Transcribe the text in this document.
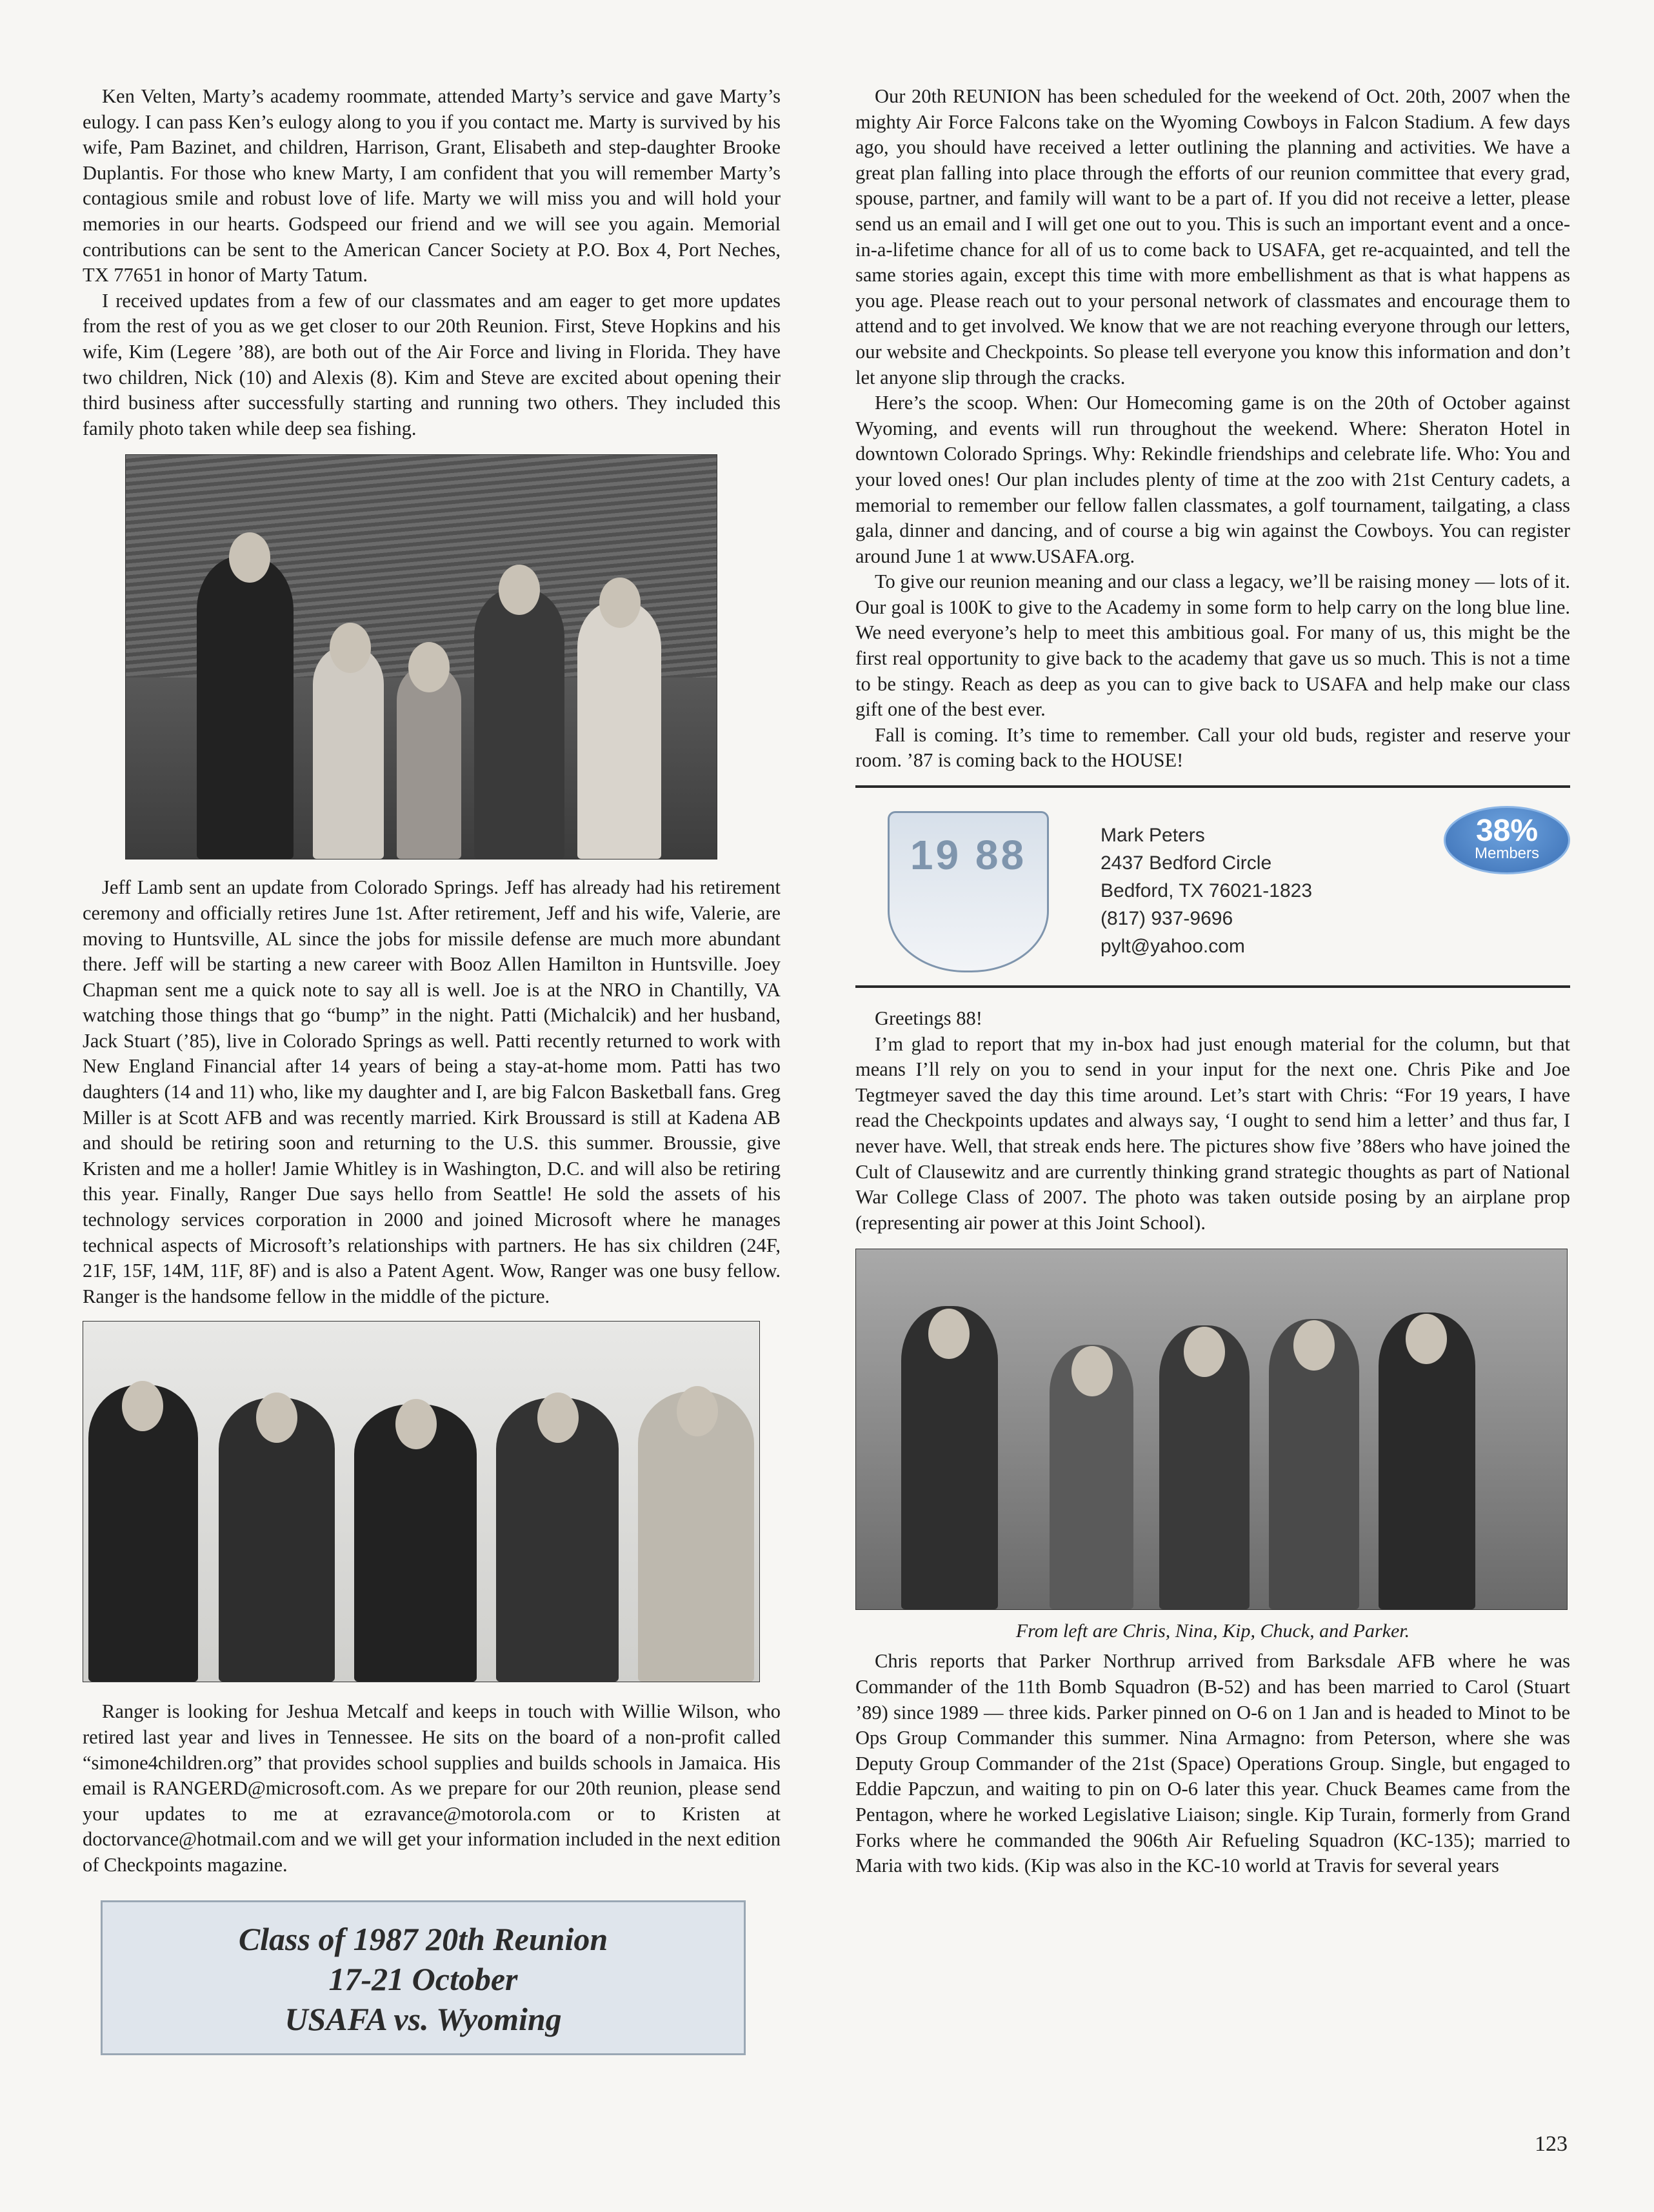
Ken Velten, Marty’s academy roommate, attended Marty’s service and gave Marty’s eulogy. I can pass Ken’s eulogy along to you if you contact me. Marty is survived by his wife, Pam Bazinet, and children, Harrison, Grant, Elisabeth and step-daughter Brooke Duplantis. For those who knew Marty, I am confident that you will remember Marty’s contagious smile and robust love of life. Marty we will miss you and will hold your memories in our hearts. Godspeed our friend and we will see you again. Memorial contributions can be sent to the American Cancer Society at P.O. Box 4, Port Neches, TX 77651 in honor of Marty Tatum.

I received updates from a few of our classmates and am eager to get more updates from the rest of you as we get closer to our 20th Reunion. First, Steve Hopkins and his wife, Kim (Legere ’88), are both out of the Air Force and living in Florida. They have two children, Nick (10) and Alexis (8). Kim and Steve are excited about opening their third business after successfully starting and running two others. They included this family photo taken while deep sea fishing.

Jeff Lamb sent an update from Colorado Springs. Jeff has already had his retirement ceremony and officially retires June 1st. After retirement, Jeff and his wife, Valerie, are moving to Huntsville, AL since the jobs for missile defense are much more abundant there. Jeff will be starting a new career with Booz Allen Hamilton in Huntsville. Joey Chapman sent me a quick note to say all is well. Joe is at the NRO in Chantilly, VA watching those things that go “bump” in the night. Patti (Michalcik) and her husband, Jack Stuart (’85), live in Colorado Springs as well. Patti recently returned to work with New England Financial after 14 years of being a stay-at-home mom. Patti has two daughters (14 and 11) who, like my daughter and I, are big Falcon Basketball fans. Greg Miller is at Scott AFB and was recently married. Kirk Broussard is still at Kadena AB and should be retiring soon and returning to the U.S. this summer. Broussie, give Kristen and me a holler! Jamie Whitley is in Washington, D.C. and will also be retiring this year. Finally, Ranger Due says hello from Seattle! He sold the assets of his technology services corporation in 2000 and joined Microsoft where he manages technical aspects of Microsoft’s relationships with partners. He has six children (24F, 21F, 15F, 14M, 11F, 8F) and is also a Patent Agent. Wow, Ranger was one busy fellow. Ranger is the handsome fellow in the middle of the picture.

Ranger is looking for Jeshua Metcalf and keeps in touch with Willie Wilson, who retired last year and lives in Tennessee. He sits on the board of a non-profit called “simone4children.org” that provides school supplies and builds schools in Jamaica. His email is RANGERD@microsoft.com. As we prepare for our 20th reunion, please send your updates to me at ezravance@motorola.com or to Kristen at doctorvance@hotmail.com and we will get your information included in the next edition of Checkpoints magazine.

Class of 1987 20th Reunion
17-21 October
USAFA vs. Wyoming

Our 20th REUNION has been scheduled for the weekend of Oct. 20th, 2007 when the mighty Air Force Falcons take on the Wyoming Cowboys in Falcon Stadium. A few days ago, you should have received a letter outlining the planning and activities. We have a great plan falling into place through the efforts of our reunion committee that every grad, spouse, partner, and family will want to be a part of. If you did not receive a letter, please send us an email and I will get one out to you. This is such an important event and a once-in-a-lifetime chance for all of us to come back to USAFA, get re-acquainted, and tell the same stories again, except this time with more embellishment as that is what happens as you age. Please reach out to your personal network of classmates and encourage them to attend and to get involved. We know that we are not reaching everyone through our letters, our website and Checkpoints. So please tell everyone you know this information and don’t let anyone slip through the cracks.

Here’s the scoop. When: Our Homecoming game is on the 20th of October against Wyoming, and events will run throughout the weekend. Where: Sheraton Hotel in downtown Colorado Springs. Why: Rekindle friendships and celebrate life. Who: You and your loved ones! Our plan includes plenty of time at the zoo with 21st Century cadets, a memorial to remember our fellow fallen classmates, a golf tournament, tailgating, a class gala, dinner and dancing, and of course a big win against the Cowboys. You can register around June 1 at www.USAFA.org.

To give our reunion meaning and our class a legacy, we’ll be raising money — lots of it. Our goal is 100K to give to the Academy in some form to help carry on the long blue line. We need everyone’s help to meet this ambitious goal. For many of us, this might be the first real opportunity to give back to the academy that gave us so much. This is not a time to be stingy. Reach as deep as you can to give back to USAFA and help make our class gift one of the best ever.

Fall is coming. It’s time to remember. Call your old buds, register and reserve your room. ’87 is coming back to the HOUSE!

19 88	Mark Peters
2437 Bedford Circle
Bedford, TX 76021-1823
(817) 937-9696
pylt@yahoo.com
38%
Members

Greetings 88!

I’m glad to report that my in-box had just enough material for the column, but that means I’ll rely on you to send in your input for the next one. Chris Pike and Joe Tegtmeyer saved the day this time around. Let’s start with Chris: “For 19 years, I have read the Checkpoints updates and always say, ‘I ought to send him a letter’ and thus far, I never have. Well, that streak ends here. The pictures show five ’88ers who have joined the Cult of Clausewitz and are currently thinking grand strategic thoughts as part of National War College Class of 2007. The photo was taken outside posing by an airplane prop (representing air power at this Joint School).

From left are Chris, Nina, Kip, Chuck, and Parker.

Chris reports that Parker Northrup arrived from Barksdale AFB where he was Commander of the 11th Bomb Squadron (B-52) and has been married to Carol (Stuart ’89) since 1989 — three kids. Parker pinned on O-6 on 1 Jan and is headed to Minot to be Ops Group Commander this summer. Nina Armagno: from Peterson, where she was Deputy Group Commander of the 21st (Space) Operations Group. Single, but engaged to Eddie Papczun, and waiting to pin on O-6 later this year. Chuck Beames came from the Pentagon, where he worked Legislative Liaison; single. Kip Turain, formerly from Grand Forks where he commanded the 906th Air Refueling Squadron (KC-135); married to Maria with two kids. (Kip was also in the KC-10 world at Travis for several years

123
